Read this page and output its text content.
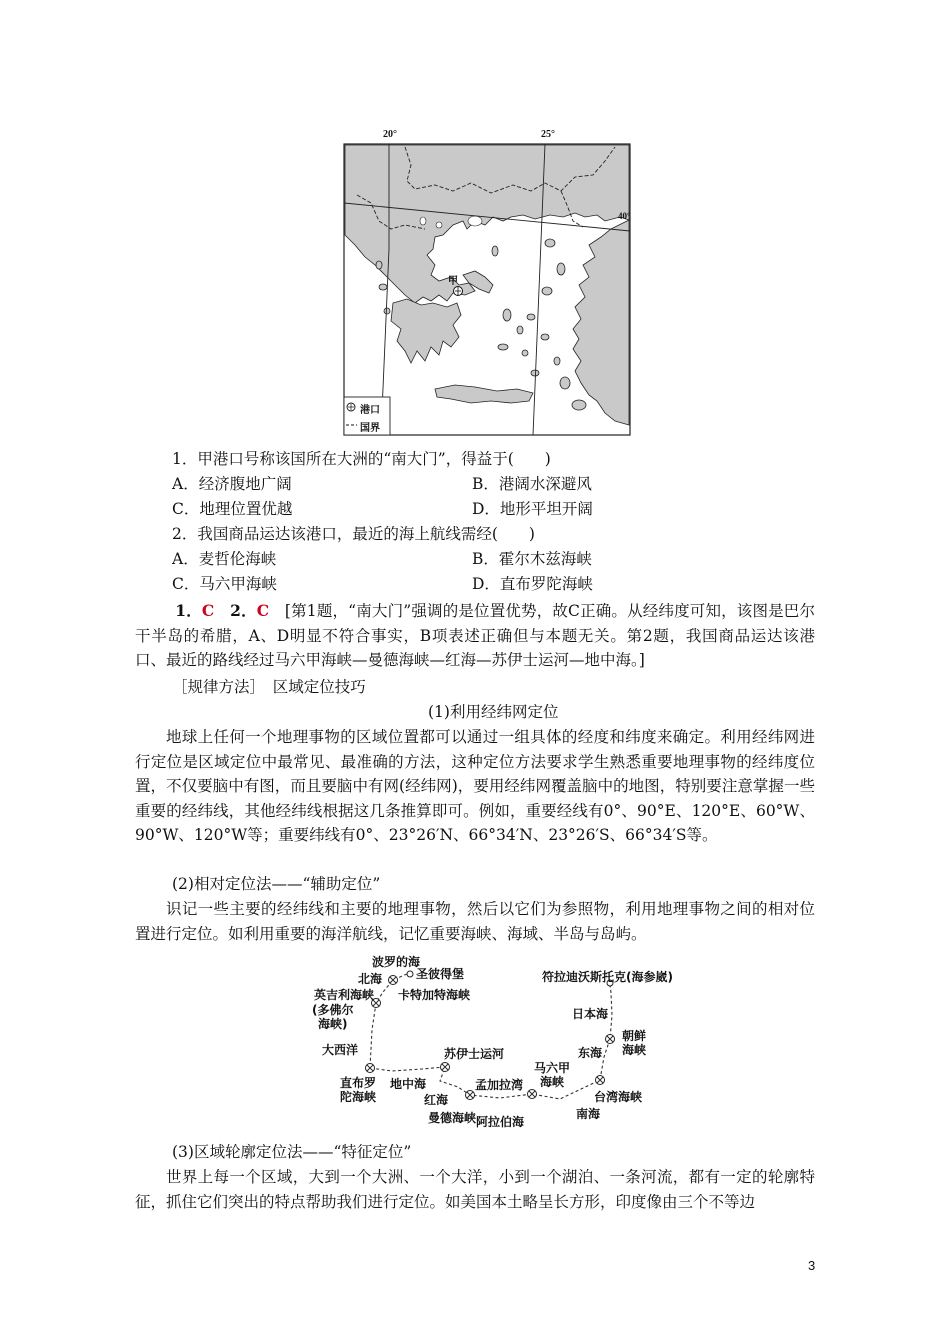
20°	25°
40°
甲
港口
国界
1．甲港口号称该国所在大洲的“南大门”，得益于(　　)
A．经济腹地广阔	B．港阔水深避风
C．地理位置优越	D．地形平坦开阔
2．我国商品运达该港口，最近的海上航线需经(　　)
A．麦哲伦海峡	B．霍尔木兹海峡
C．马六甲海峡	D．直布罗陀海峡
1．C　 2．C　 [第1题，“南大门”强调的是位置优势，故C正确。从经纬度可知，该图是巴尔干半岛的希腊，A、D明显不符合事实，B项表述正确但与本题无关。第2题，我国商品运达该港口、最近的路线经过马六甲海峡—曼德海峡—红海—苏伊士运河—地中海。]
［规律方法］　区域定位技巧
(1)利用经纬网定位
地球上任何一个地理事物的区域位置都可以通过一组具体的经度和纬度来确定。利用经纬网进行定位是区域定位中最常见、最准确的方法，这种定位方法要求学生熟悉重要地理事物的经纬度位置，不仅要脑中有图，而且要脑中有网(经纬网)，要用经纬网覆盖脑中的地图，特别要注意掌握一些重要的经纬线，其他经纬线根据这几条推算即可。例如，重要经线有0°、90°E、120°E、60°W、90°W、120°W等；重要纬线有0°、23°26′N、66°34′N、23°26′S、66°34′S等。
(2)相对定位法——“辅助定位”
识记一些主要的经纬线和主要的地理事物，然后以它们为参照物，利用地理事物之间的相对位置进行定位。如利用重要的海洋航线，记忆重要海峡、海域、半岛与岛屿。
波罗的海
北海	圣彼得堡
英吉利海峡 卡特加特海峡
(多佛尔
海峡)
大西洋
直布罗
陀海峡
地中海
苏伊士运河
红海
曼德海峡 阿拉伯海
孟加拉湾
马六甲
海峡
南海
台湾海峡
东海
朝鲜
海峡
日本海
符拉迪沃斯托克(海参崴)
(3)区域轮廓定位法——“特征定位”
世界上每一个区域，大到一个大洲、一个大洋，小到一个湖泊、一条河流，都有一定的轮廓特征，抓住它们突出的特点帮助我们进行定位。如美国本土略呈长方形，印度像由三个不等边
3
